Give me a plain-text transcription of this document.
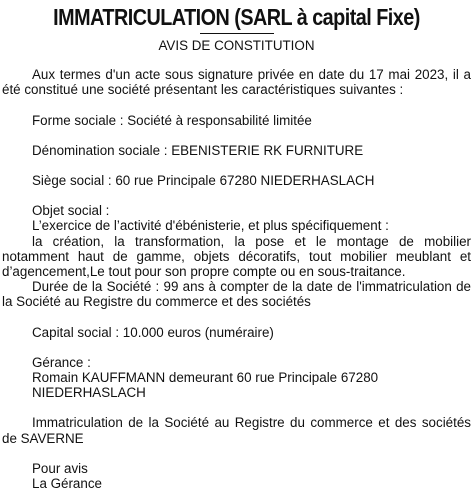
IMMATRICULATION (SARL à capital Fixe)

AVIS DE CONSTITUTION

Aux termes d'un acte sous signature privée en date du 17 mai 2023, il a été constitué une société présentant les caractéristiques suivantes :

Forme sociale : Société à responsabilité limitée

Dénomination sociale : EBENISTERIE RK FURNITURE

Siège social : 60 rue Principale 67280 NIEDERHASLACH

Objet social :

L’exercice de l’activité d'ébénisterie, et plus spécifiquement :

la création, la transformation, la pose et le montage de mobilier notamment haut de gamme, objets décoratifs, tout mobilier meublant et d’agencement,Le tout pour son propre compte ou en sous-traitance.

Durée de la Société : 99 ans à compter de la date de l'immatriculation de la Société au Registre du commerce et des sociétés

Capital social : 10.000 euros (numéraire)

Gérance :

Romain KAUFFMANN demeurant 60 rue Principale 67280 NIEDERHASLACH

Immatriculation de la Société au Registre du commerce et des sociétés de SAVERNE

Pour avis

La Gérance
